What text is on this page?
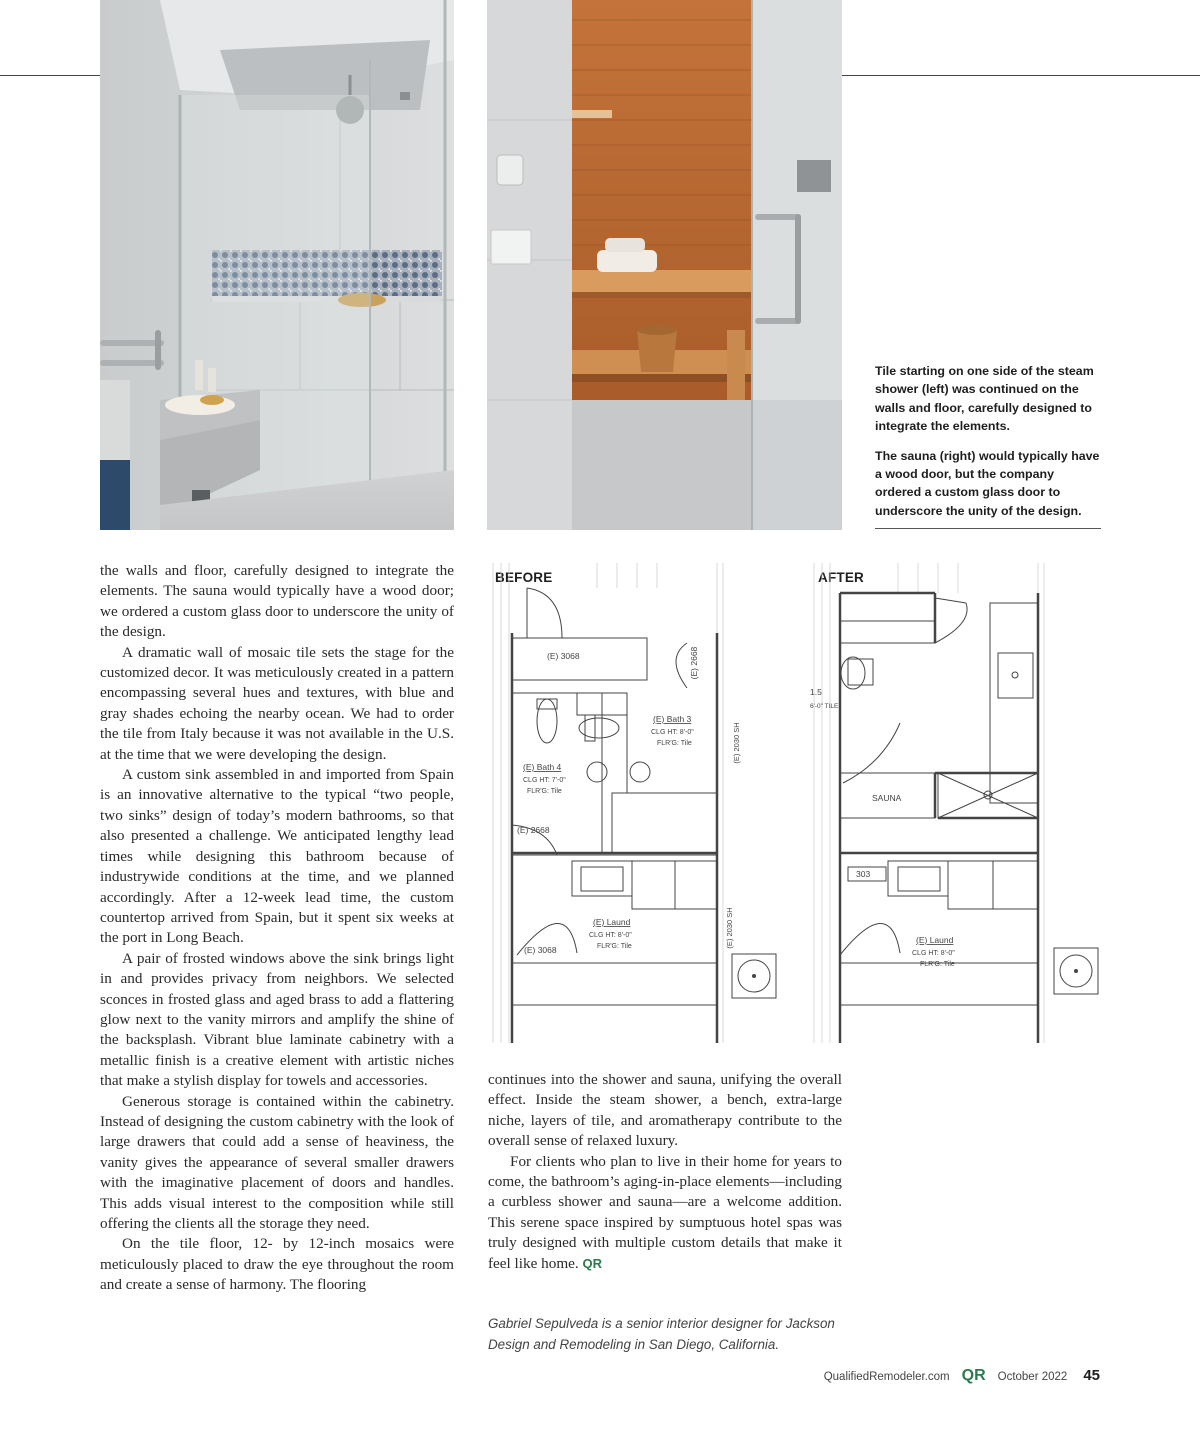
Tile starting on one side of the steam shower (left) was continued on the walls and floor, carefully designed to integrate the elements.

The sauna (right) would typically have a wood door, but the company ordered a custom glass door to underscore the unity of the design.

the walls and floor, carefully designed to integrate the elements. The sauna would typically have a wood door; we ordered a custom glass door to underscore the unity of the design.

A dramatic wall of mosaic tile sets the stage for the customized decor. It was meticulously created in a pattern encompassing several hues and textures, with blue and gray shades echoing the nearby ocean. We had to order the tile from Italy because it was not available in the U.S. at the time that we were developing the design.

A custom sink assembled in and imported from Spain is an innovative alternative to the typical “two people, two sinks” design of today’s modern bathrooms, so that also presented a challenge. We anticipated lengthy lead times while designing this bathroom because of industrywide conditions at the time, and we planned accordingly. After a 12-week lead time, the custom countertop arrived from Spain, but it spent six weeks at the port in Long Beach.

A pair of frosted windows above the sink brings light in and provides privacy from neighbors. We selected sconces in frosted glass and aged brass to add a flattering glow next to the vanity mirrors and amplify the shine of the backsplash. Vibrant blue laminate cabinetry with a metallic finish is a creative element with artistic niches that make a stylish display for towels and accessories.

Generous storage is contained within the cabinetry. Instead of designing the custom cabinetry with the look of large drawers that could add a sense of heaviness, the vanity gives the appearance of several smaller drawers with the imaginative placement of doors and handles. This adds visual interest to the composition while still offering the clients all the storage they need.

On the tile floor, 12- by 12-inch mosaics were meticulously placed to draw the eye throughout the room and create a sense of harmony. The flooring

BEFORE	AFTER
(E) 3068	(E) 2668
(E) Bath 3
CLG HT: 8'-0"
FLR'G: Tile	(E) 2030 SH
(E) Bath 4
CLG HT: 7'-0"
FLR'G: Tile
(E) 2668
(E) Laund
CLG HT: 8'-0"
FLR'G: Tile	(E) 2030 SH
(E) 3068
1.5
6'-0" TILE
SAUNA
303
(E) Laund
CLG HT: 8'-0"
FLR'G: Tile

continues into the shower and sauna, unifying the overall effect. Inside the steam shower, a bench, extra-large niche, layers of tile, and aromatherapy contribute to the overall sense of relaxed luxury.

For clients who plan to live in their home for years to come, the bathroom’s aging-in-place elements—including a curbless shower and sauna—are a welcome addition. This serene space inspired by sumptuous hotel spas was truly designed with multiple custom details that make it feel like home. QR

Gabriel Sepulveda is a senior interior designer for Jackson Design and Remodeling in San Diego, California.
QualifiedRemodeler.com QR October 2022 45
